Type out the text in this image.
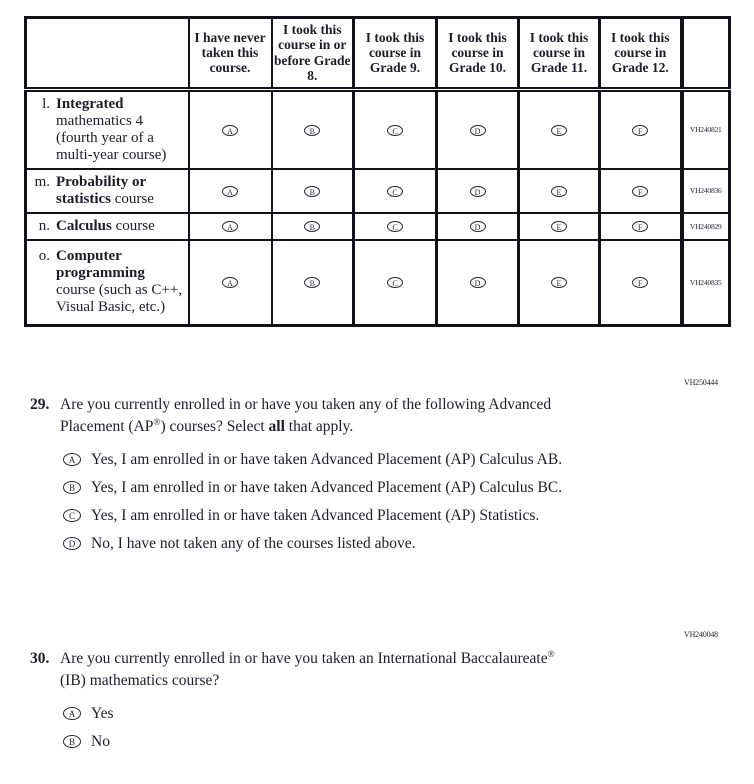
	I have never taken this course.	I took this course in or before Grade 8.	I took this course in Grade 9.	I took this course in Grade 10.	I took this course in Grade 11.	I took this course in Grade 12.	

l. Integrated mathematics 4 (fourth year of a multi-year course)	A	B	C	D	E	F	VH240821

m. Probability or statistics course	A	B	C	D	E	F	VH240836

n. Calculus course	A	B	C	D	E	F	VH240829

o. Computer programming course (such as C++, Visual Basic, etc.)	A	B	C	D	E	F	VH240835
VH250444
29. Are you currently enrolled in or have you taken any of the following Advanced
Placement (AP®) courses? Select all that apply.
A	Yes, I am enrolled in or have taken Advanced Placement (AP) Calculus AB.
B	Yes, I am enrolled in or have taken Advanced Placement (AP) Calculus BC.
C	Yes, I am enrolled in or have taken Advanced Placement (AP) Statistics.
D	No, I have not taken any of the courses listed above.
VH240048
30. Are you currently enrolled in or have you taken an International Baccalaureate®
(IB) mathematics course?
A	Yes
B	No
